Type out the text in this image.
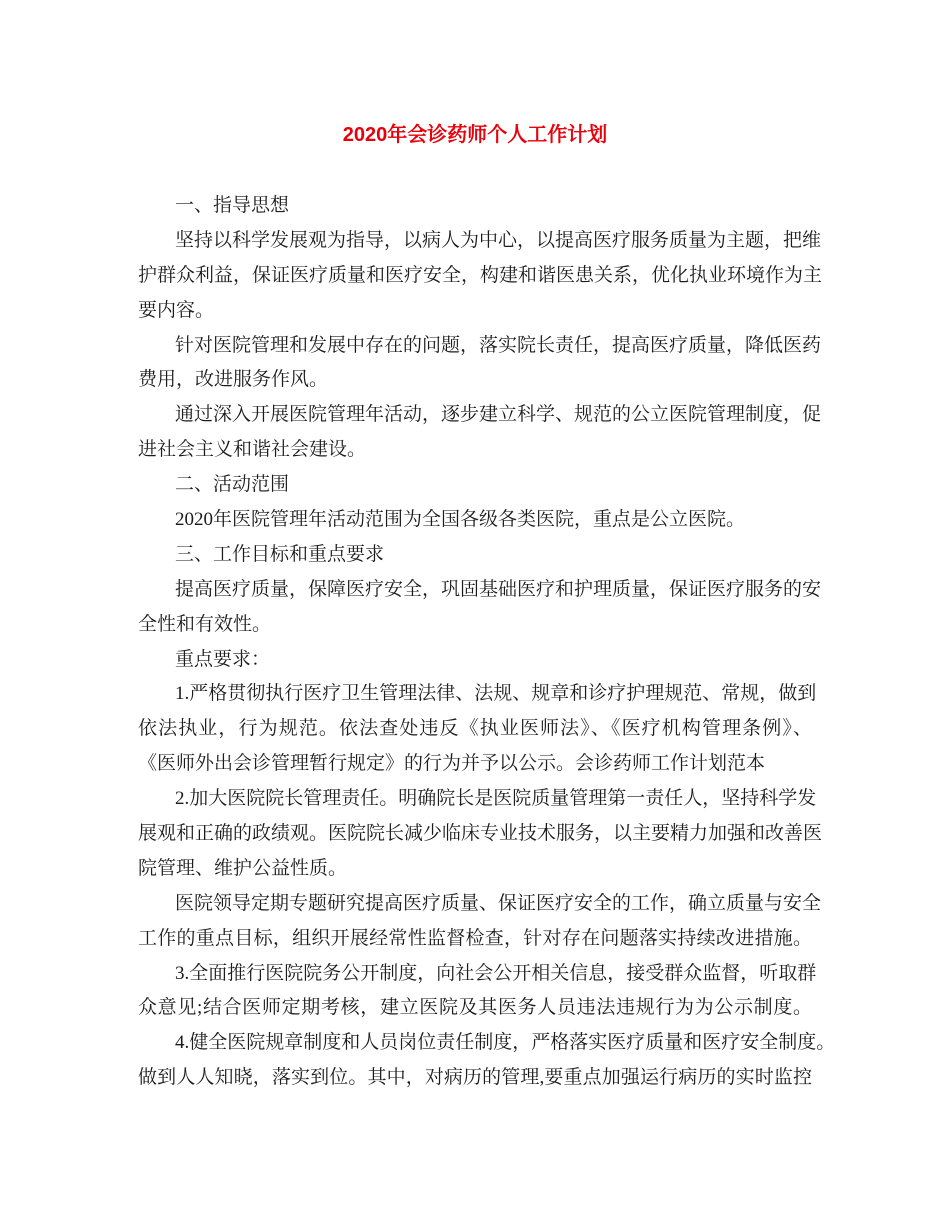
2020年会诊药师个人工作计划
一、指导思想
坚持以科学发展观为指导，以病人为中心，以提高医疗服务质量为主题，把维
护群众利益，保证医疗质量和医疗安全，构建和谐医患关系，优化执业环境作为主
要内容。
针对医院管理和发展中存在的问题，落实院长责任，提高医疗质量，降低医药
费用，改进服务作风。
通过深入开展医院管理年活动，逐步建立科学、规范的公立医院管理制度，促
进社会主义和谐社会建设。
二、活动范围
2020年医院管理年活动范围为全国各级各类医院，重点是公立医院。
三、工作目标和重点要求
提高医疗质量，保障医疗安全，巩固基础医疗和护理质量，保证医疗服务的安
全性和有效性。
重点要求：
1.严格贯彻执行医疗卫生管理法律、法规、规章和诊疗护理规范、常规，做到
依法执业，行为规范。依法查处违反《执业医师法》、《医疗机构管理条例》、
《医师外出会诊管理暂行规定》的行为并予以公示。会诊药师工作计划范本
2.加大医院院长管理责任。明确院长是医院质量管理第一责任人，坚持科学发
展观和正确的政绩观。医院院长减少临床专业技术服务，以主要精力加强和改善医
院管理、维护公益性质。
医院领导定期专题研究提高医疗质量、保证医疗安全的工作，确立质量与安全
工作的重点目标，组织开展经常性监督检查，针对存在问题落实持续改进措施。
3.全面推行医院院务公开制度，向社会公开相关信息，接受群众监督，听取群
众意见;结合医师定期考核，建立医院及其医务人员违法违规行为为公示制度。
4.健全医院规章制度和人员岗位责任制度，严格落实医疗质量和医疗安全制度。
做到人人知晓，落实到位。其中，对病历的管理,要重点加强运行病历的实时监控
